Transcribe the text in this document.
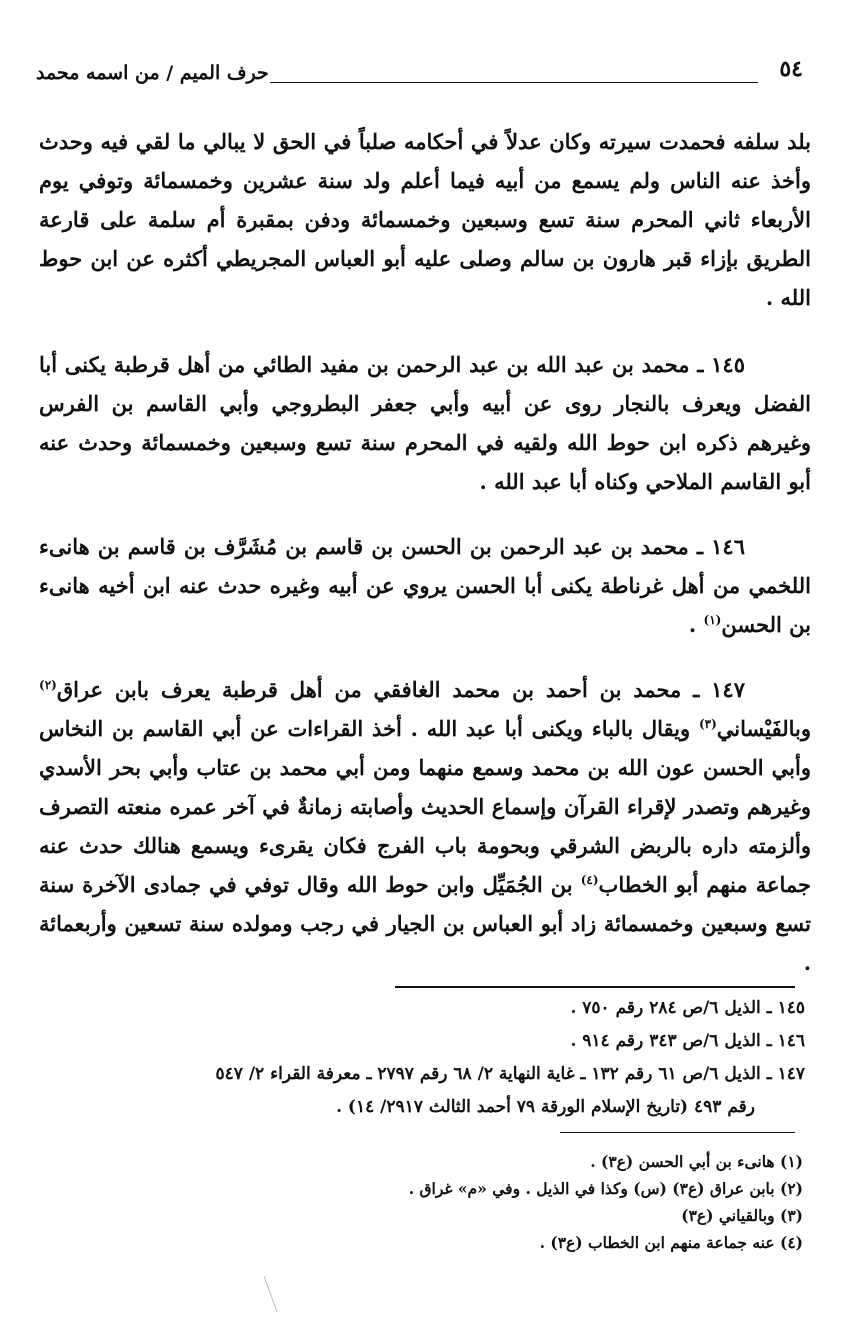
٥٤
حرف الميم / من اسمه محمد

بلد سلفه فحمدت سيرته وكان عدلاً في أحكامه صلباً في الحق لا يبالي ما لقي فيه وحدث وأخذ عنه الناس ولم يسمع من أبيه فيما أعلم ولد سنة عشرين وخمسمائة وتوفي يوم الأربعاء ثاني المحرم سنة تسع وسبعين وخمسمائة ودفن بمقبرة أم سلمة على قارعة الطريق بإزاء قبر هارون بن سالم وصلى عليه أبو العباس المجريطي أكثره عن ابن حوط الله .

١٤٥ ـ محمد بن عبد الله بن عبد الرحمن بن مفيد الطائي من أهل قرطبة يكنى أبا الفضل ويعرف بالنجار روى عن أبيه وأبي جعفر البطروجي وأبي القاسم بن الفرس وغيرهم ذكره ابن حوط الله ولقيه في المحرم سنة تسع وسبعين وخمسمائة وحدث عنه أبو القاسم الملاحي وكناه أبا عبد الله .

١٤٦ ـ محمد بن عبد الرحمن بن الحسن بن قاسم بن مُشَرَّف بن قاسم بن هانىء اللخمي من أهل غرناطة يكنى أبا الحسن يروي عن أبيه وغيره حدث عنه ابن أخيه هانىء بن الحسن$^{(١)}$ .

١٤٧ ـ محمد بن أحمد بن محمد الغافقي من أهل قرطبة يعرف بابن عراق$^{(٢)}$ وبالفَيْساني$^{(٣)}$ ويقال بالباء ويكنى أبا عبد الله . أخذ القراءات عن أبي القاسم بن النخاس وأبي الحسن عون الله بن محمد وسمع منهما ومن أبي محمد بن عتاب وأبي بحر الأسدي وغيرهم وتصدر لإقراء القرآن وإسماع الحديث وأصابته زمانةٌ في آخر عمره منعته التصرف وألزمته داره بالربض الشرقي وبحومة باب الفرج فكان يقرىء ويسمع هنالك حدث عنه جماعة منهم أبو الخطاب$^{(٤)}$ بن الجُمَيِّل وابن حوط الله وقال توفي في جمادى الآخرة سنة تسع وسبعين وخمسمائة زاد أبو العباس بن الجيار في رجب ومولده سنة تسعين وأربعمائة .

١٤٥ ـ الذيل ٦/ص ٢٨٤ رقم ٧٥٠ .
١٤٦ ـ الذيل ٦/ص ٣٤٣ رقم ٩١٤ .
١٤٧ ـ الذيل ٦/ص ٦١ رقم ١٣٢ ـ غاية النهاية ٢/ ٦٨ رقم ٢٧٩٧ ـ معرفة القراء ٢/ ٥٤٧
رقم ٤٩٣ (تاريخ الإسلام الورقة ٧٩ أحمد الثالث ٢٩١٧/ ١٤) .
(١) هانىء بن أبي الحسن (ع٣) .
(٢) بابن عراق (ع٣) (س) وكذا في الذيل . وفي «م» غراق .
(٣) وبالقياني (ع٣)
(٤) عنه جماعة منهم ابن الخطاب (ع٣) .
